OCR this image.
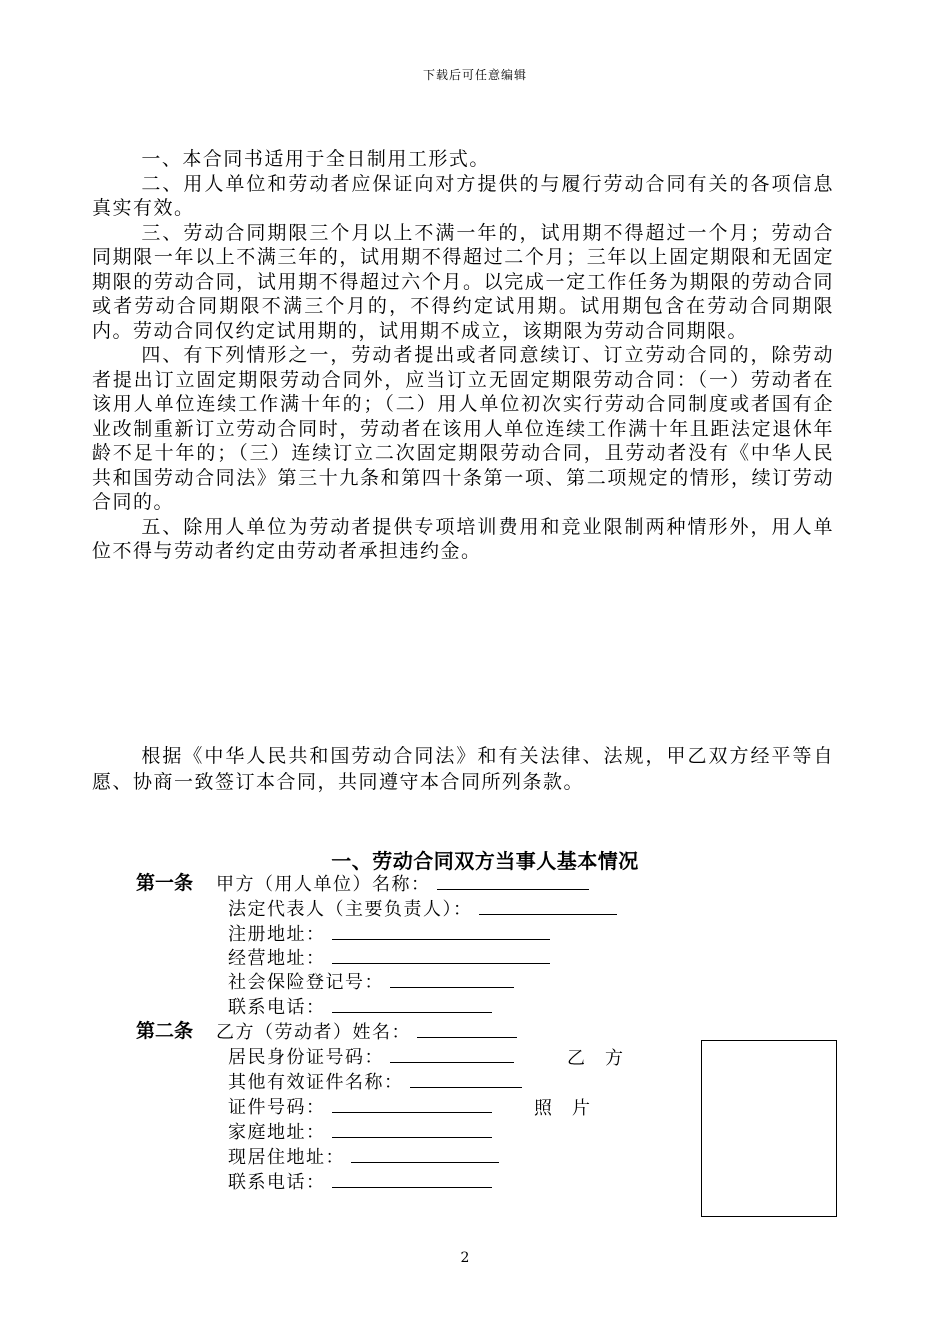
下载后可任意编辑

一、本合同书适用于全日制用工形式。

二、用人单位和劳动者应保证向对方提供的与履行劳动合同有关的各项信息真实有效。

三、劳动合同期限三个月以上不满一年的，试用期不得超过一个月；劳动合同期限一年以上不满三年的，试用期不得超过二个月；三年以上固定期限和无固定期限的劳动合同，试用期不得超过六个月。以完成一定工作任务为期限的劳动合同或者劳动合同期限不满三个月的，不得约定试用期。试用期包含在劳动合同期限内。劳动合同仅约定试用期的，试用期不成立，该期限为劳动合同期限。

四、有下列情形之一，劳动者提出或者同意续订、订立劳动合同的，除劳动者提出订立固定期限劳动合同外，应当订立无固定期限劳动合同：（一）劳动者在该用人单位连续工作满十年的；（二）用人单位初次实行劳动合同制度或者国有企业改制重新订立劳动合同时，劳动者在该用人单位连续工作满十年且距法定退休年龄不足十年的；（三）连续订立二次固定期限劳动合同，且劳动者没有《中华人民共和国劳动合同法》第三十九条和第四十条第一项、第二项规定的情形，续订劳动合同的。

五、除用人单位为劳动者提供专项培训费用和竞业限制两种情形外，用人单位不得与劳动者约定由劳动者承担违约金。

根据《中华人民共和国劳动合同法》和有关法律、法规，甲乙双方经平等自愿、协商一致签订本合同，共同遵守本合同所列条款。

一、劳动合同双方当事人基本情况
第一条 甲方（用人单位）名称：
法定代表人（主要负责人）：
注册地址：
经营地址：
社会保险登记号：
联系电话：
第二条 乙方（劳动者）姓名：
居民身份证号码：
其他有效证件名称：
证件号码：
家庭地址：
现居住地址：
联系电话：
乙　方
照　片
2
